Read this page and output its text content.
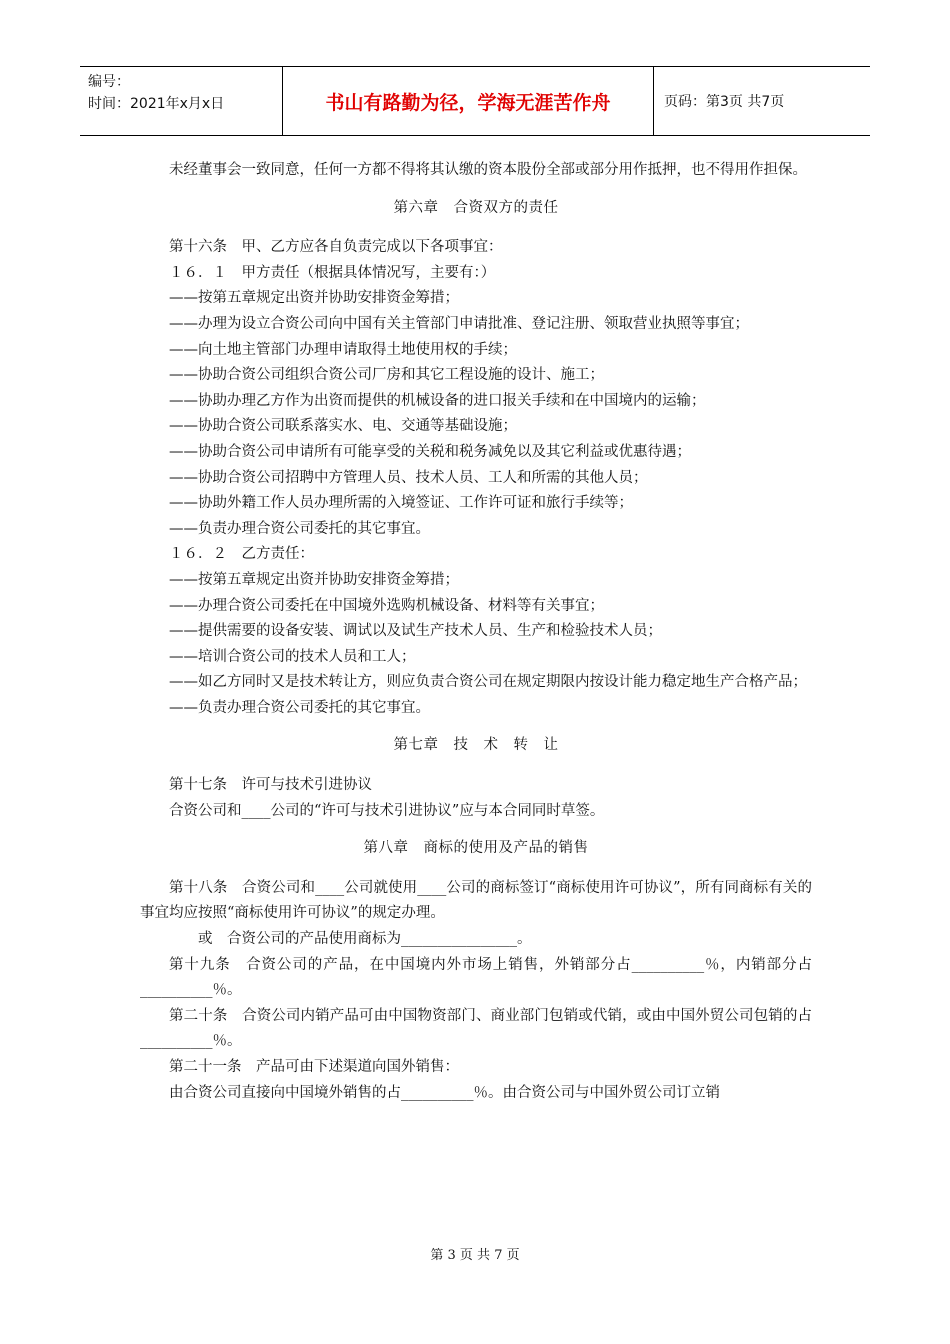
编号：
时间：2021年x月x日	书山有路勤为径，学海无涯苦作舟	页码：第3页 共7页

未经董事会一致同意，任何一方都不得将其认缴的资本股份全部或部分用作抵押，也不得用作担保。

第六章　合资双方的责任

第十六条　甲、乙方应各自负责完成以下各项事宜：

１６．１　甲方责任（根据具体情况写，主要有：）

——按第五章规定出资并协助安排资金筹措；

——办理为设立合资公司向中国有关主管部门申请批准、登记注册、领取营业执照等事宜；

——向土地主管部门办理申请取得土地使用权的手续；

——协助合资公司组织合资公司厂房和其它工程设施的设计、施工；

——协助办理乙方作为出资而提供的机械设备的进口报关手续和在中国境内的运输；

——协助合资公司联系落实水、电、交通等基础设施；

——协助合资公司申请所有可能享受的关税和税务减免以及其它利益或优惠待遇；

——协助合资公司招聘中方管理人员、技术人员、工人和所需的其他人员；

——协助外籍工作人员办理所需的入境签证、工作许可证和旅行手续等；

——负责办理合资公司委托的其它事宜。

１６．２　乙方责任：

——按第五章规定出资并协助安排资金筹措；

——办理合资公司委托在中国境外选购机械设备、材料等有关事宜；

——提供需要的设备安装、调试以及试生产技术人员、生产和检验技术人员；

——培训合资公司的技术人员和工人；

——如乙方同时又是技术转让方，则应负责合资公司在规定期限内按设计能力稳定地生产合格产品；

——负责办理合资公司委托的其它事宜。

第七章　技　术　转　让

第十七条　许可与技术引进协议

合资公司和____公司的“许可与技术引进协议”应与本合同同时草签。

第八章　商标的使用及产品的销售

第十八条　合资公司和____公司就使用____公司的商标签订“商标使用许可协议”，所有同商标有关的事宜均应按照“商标使用许可协议”的规定办理。

或　合资公司的产品使用商标为________________。

第十九条　合资公司的产品，在中国境内外市场上销售，外销部分占__________％，内销部分占__________％。

第二十条　合资公司内销产品可由中国物资部门、商业部门包销或代销，或由中国外贸公司包销的占__________％。

第二十一条　产品可由下述渠道向国外销售：

由合资公司直接向中国境外销售的占__________％。由合资公司与中国外贸公司订立销

第 3 页 共 7 页
